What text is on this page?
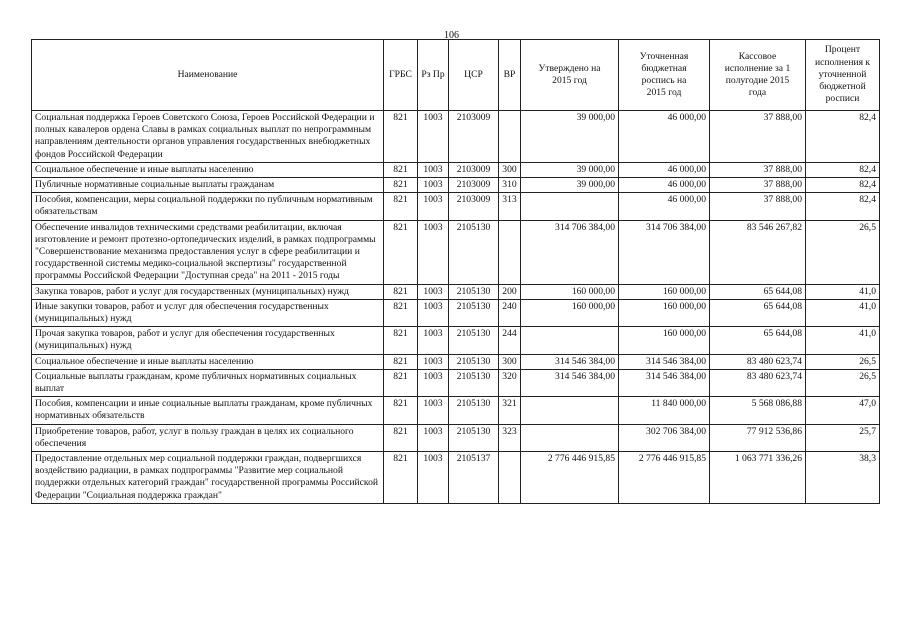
106
Наименование	ГРБС	Рз Пр	ЦСР	ВР	Утверждено на 2015 год	Уточненная бюджетная роспись на 2015 год	Кассовое исполнение за 1 полугодие 2015 года	Процент исполнения к уточненной бюджетной росписи
Социальная поддержка Героев Советского Союза, Героев Российской Федерации и полных кавалеров ордена Славы в рамках социальных выплат по непрограммным направлениям деятельности органов управления государственных внебюджетных фондов Российской Федерации	821	1003	2103009		39 000,00	46 000,00	37 888,00	82,4
Социальное обеспечение и иные выплаты населению	821	1003	2103009	300	39 000,00	46 000,00	37 888,00	82,4
Публичные нормативные социальные выплаты гражданам	821	1003	2103009	310	39 000,00	46 000,00	37 888,00	82,4
Пособия, компенсации, меры социальной поддержки по публичным нормативным обязательствам	821	1003	2103009	313		46 000,00	37 888,00	82,4
Обеспечение инвалидов техническими средствами реабилитации, включая изготовление и ремонт протезно-ортопедических изделий, в рамках подпрограммы "Совершенствование механизма предоставления услуг в сфере реабилитации и государственной системы медико-социальной экспертизы" государственной программы Российской Федерации "Доступная среда" на 2011 - 2015 годы	821	1003	2105130		314 706 384,00	314 706 384,00	83 546 267,82	26,5
Закупка товаров, работ и услуг для государственных (муниципальных) нужд	821	1003	2105130	200	160 000,00	160 000,00	65 644,08	41,0
Иные закупки товаров, работ и услуг для обеспечения государственных (муниципальных) нужд	821	1003	2105130	240	160 000,00	160 000,00	65 644,08	41,0
Прочая закупка товаров, работ и услуг для обеспечения государственных (муниципальных) нужд	821	1003	2105130	244		160 000,00	65 644,08	41,0
Социальное обеспечение и иные выплаты населению	821	1003	2105130	300	314 546 384,00	314 546 384,00	83 480 623,74	26,5
Социальные выплаты гражданам, кроме публичных нормативных социальных выплат	821	1003	2105130	320	314 546 384,00	314 546 384,00	83 480 623,74	26,5
Пособия, компенсации и иные социальные выплаты гражданам, кроме публичных нормативных обязательств	821	1003	2105130	321		11 840 000,00	5 568 086,88	47,0
Приобретение товаров, работ, услуг в пользу граждан в целях их социального обеспечения	821	1003	2105130	323		302 706 384,00	77 912 536,86	25,7
Предоставление отдельных мер социальной поддержки граждан, подвергшихся воздействию радиации, в рамках подпрограммы "Развитие мер социальной поддержки отдельных категорий граждан" государственной программы Российской Федерации "Социальная поддержка граждан"	821	1003	2105137		2 776 446 915,85	2 776 446 915,85	1 063 771 336,26	38,3
